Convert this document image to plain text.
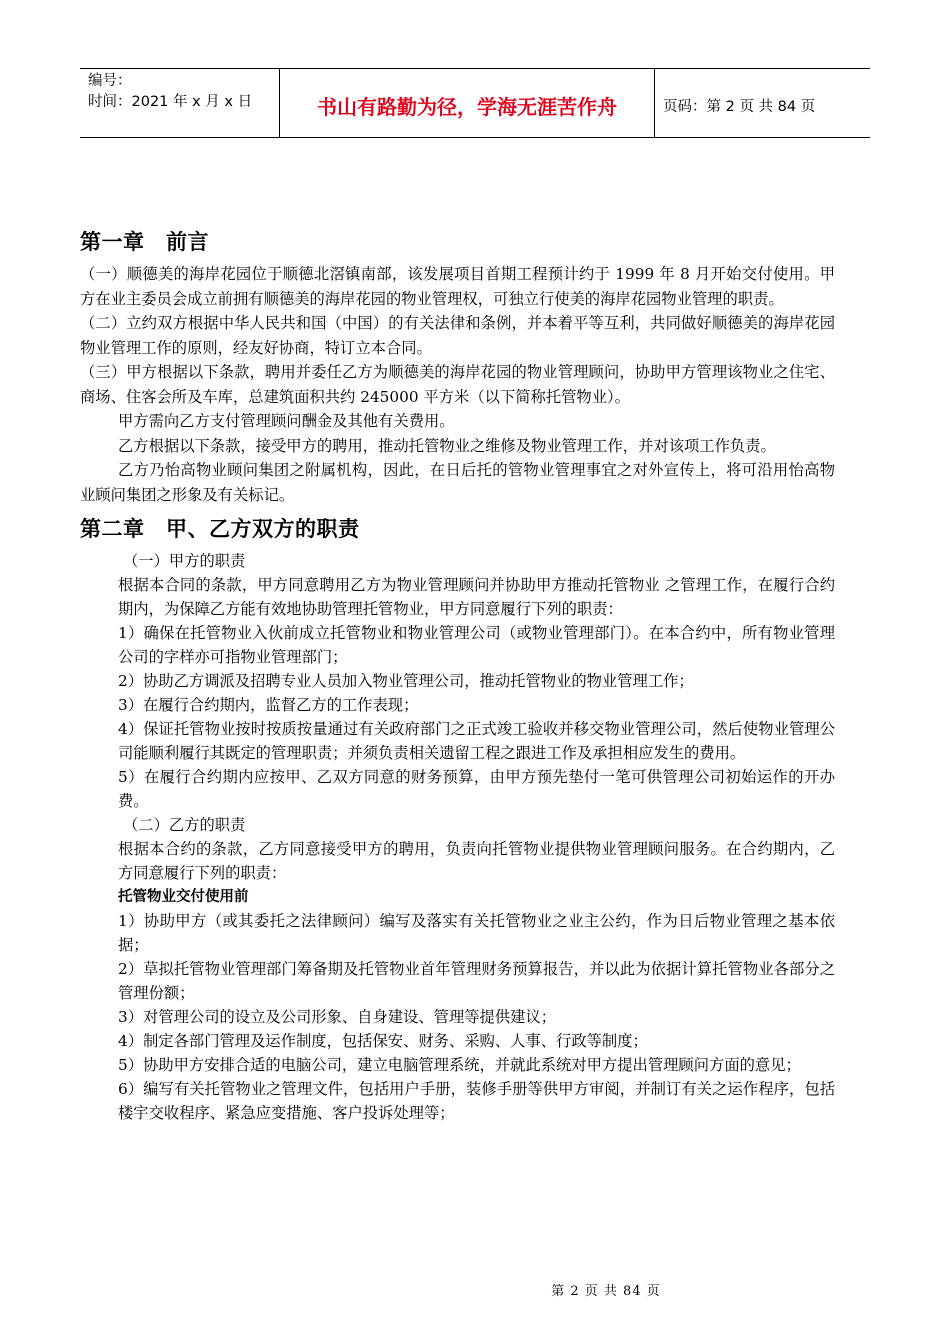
编号：
时间：2021 年 x 月 x 日	书山有路勤为径，学海无涯苦作舟	页码：第 2 页 共 84 页
第一章　前言

（一）顺德美的海岸花园位于顺德北滘镇南部，该发展项目首期工程预计约于 1999 年 8 月开始交付使用。甲方在业主委员会成立前拥有顺德美的海岸花园的物业管理权，可独立行使美的海岸花园物业管理的职责。

（二）立约双方根据中华人民共和国（中国）的有关法律和条例，并本着平等互利，共同做好顺德美的海岸花园物业管理工作的原则，经友好协商，特订立本合同。

（三）甲方根据以下条款，聘用并委任乙方为顺德美的海岸花园的物业管理顾问，协助甲方管理该物业之住宅、商场、住客会所及车库，总建筑面积共约 245000 平方米（以下简称托管物业）。

甲方需向乙方支付管理顾问酬金及其他有关费用。

乙方根据以下条款，接受甲方的聘用，推动托管物业之维修及物业管理工作，并对该项工作负责。

乙方乃怡高物业顾问集团之附属机构，因此，在日后托的管物业管理事宜之对外宣传上，将可沿用怡高物业顾问集团之形象及有关标记。

第二章　甲、乙方双方的职责

（一）甲方的职责

根据本合同的条款，甲方同意聘用乙方为物业管理顾问并协助甲方推动托管物业 之管理工作，在履行合约期内，为保障乙方能有效地协助管理托管物业，甲方同意履行下列的职责：

1）确保在托管物业入伙前成立托管物业和物业管理公司（或物业管理部门）。在本合约中，所有物业管理公司的字样亦可指物业管理部门；

2）协助乙方调派及招聘专业人员加入物业管理公司，推动托管物业的物业管理工作；

3）在履行合约期内，监督乙方的工作表现；

4）保证托管物业按时按质按量通过有关政府部门之正式竣工验收并移交物业管理公司，然后使物业管理公司能顺利履行其既定的管理职责；并须负责相关遗留工程之跟进工作及承担相应发生的费用。

5）在履行合约期内应按甲、乙双方同意的财务预算，由甲方预先垫付一笔可供管理公司初始运作的开办费。

（二）乙方的职责

根据本合约的条款，乙方同意接受甲方的聘用，负责向托管物业提供物业管理顾问服务。在合约期内，乙方同意履行下列的职责：

托管物业交付使用前

1）协助甲方（或其委托之法律顾问）编写及落实有关托管物业之业主公约，作为日后物业管理之基本依据；

2）草拟托管物业管理部门筹备期及托管物业首年管理财务预算报告，并以此为依据计算托管物业各部分之管理份额；

3）对管理公司的设立及公司形象、自身建设、管理等提供建议；

4）制定各部门管理及运作制度，包括保安、财务、采购、人事、行政等制度；

5）协助甲方安排合适的电脑公司，建立电脑管理系统，并就此系统对甲方提出管理顾问方面的意见；

6）编写有关托管物业之管理文件，包括用户手册，装修手册等供甲方审阅，并制订有关之运作程序，包括楼宇交收程序、紧急应变措施、客户投诉处理等；

第 2 页 共 84 页
